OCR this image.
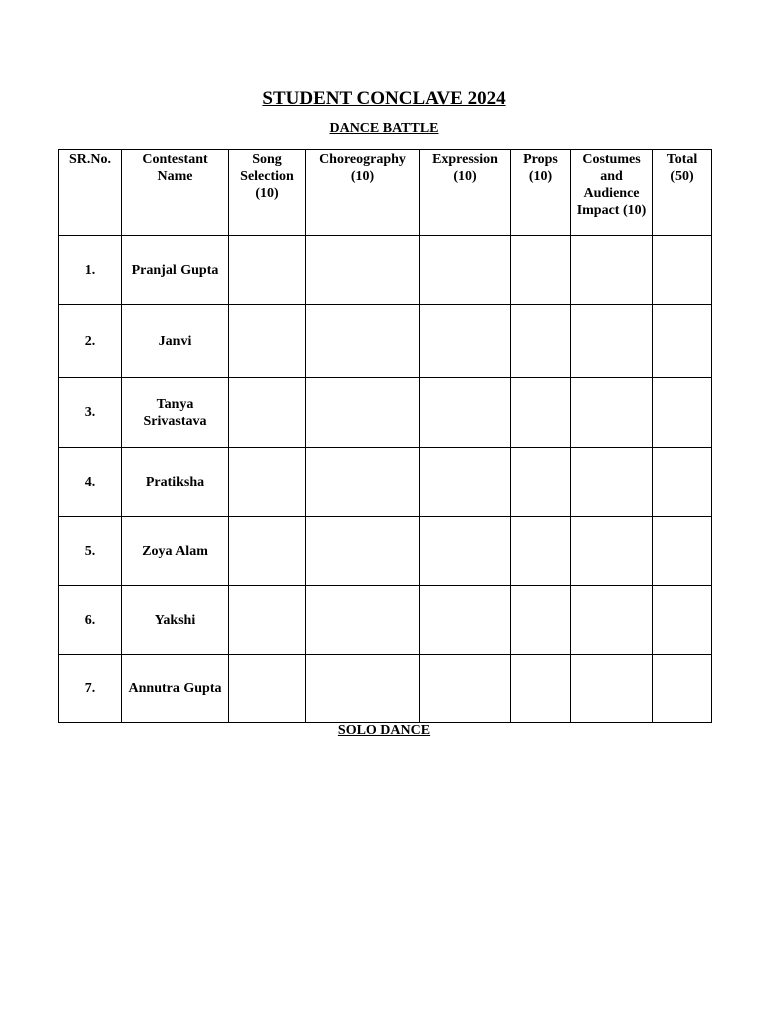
STUDENT CONCLAVE 2024
DANCE BATTLE
SR.No.	Contestant Name	Song Selection (10)	Choreography (10)	Expression (10)	Props (10)	Costumes and Audience Impact (10)	Total (50)
1.	Pranjal Gupta						
2.	Janvi						
3.	Tanya Srivastava						
4.	Pratiksha						
5.	Zoya Alam						
6.	Yakshi						
7.	Annutra Gupta						
SOLO DANCE
